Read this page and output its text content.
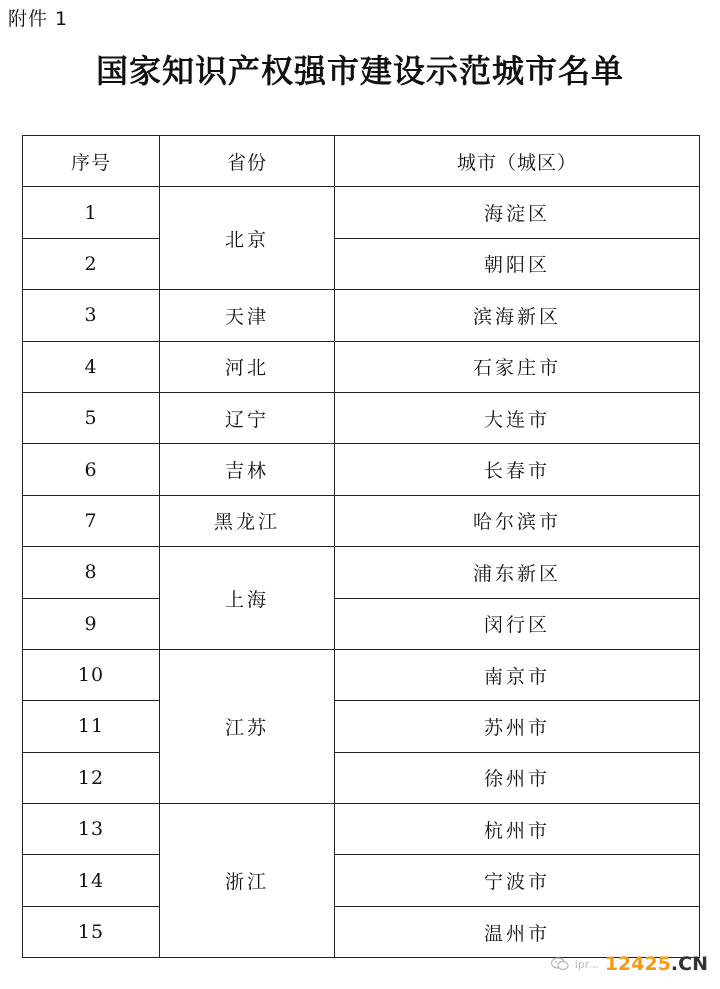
附件 1
国家知识产权强市建设示范城市名单
序号	省份	城市（城区）
1	北京	海淀区
2		朝阳区
3	天津	滨海新区
4	河北	石家庄市
5	辽宁	大连市
6	吉林	长春市
7	黑龙江	哈尔滨市
8	上海	浦东新区
9		闵行区
10	江苏	南京市
11		苏州市
12		徐州市
13	浙江	杭州市
14		宁波市
15		温州市
ipr... 12425.CN
